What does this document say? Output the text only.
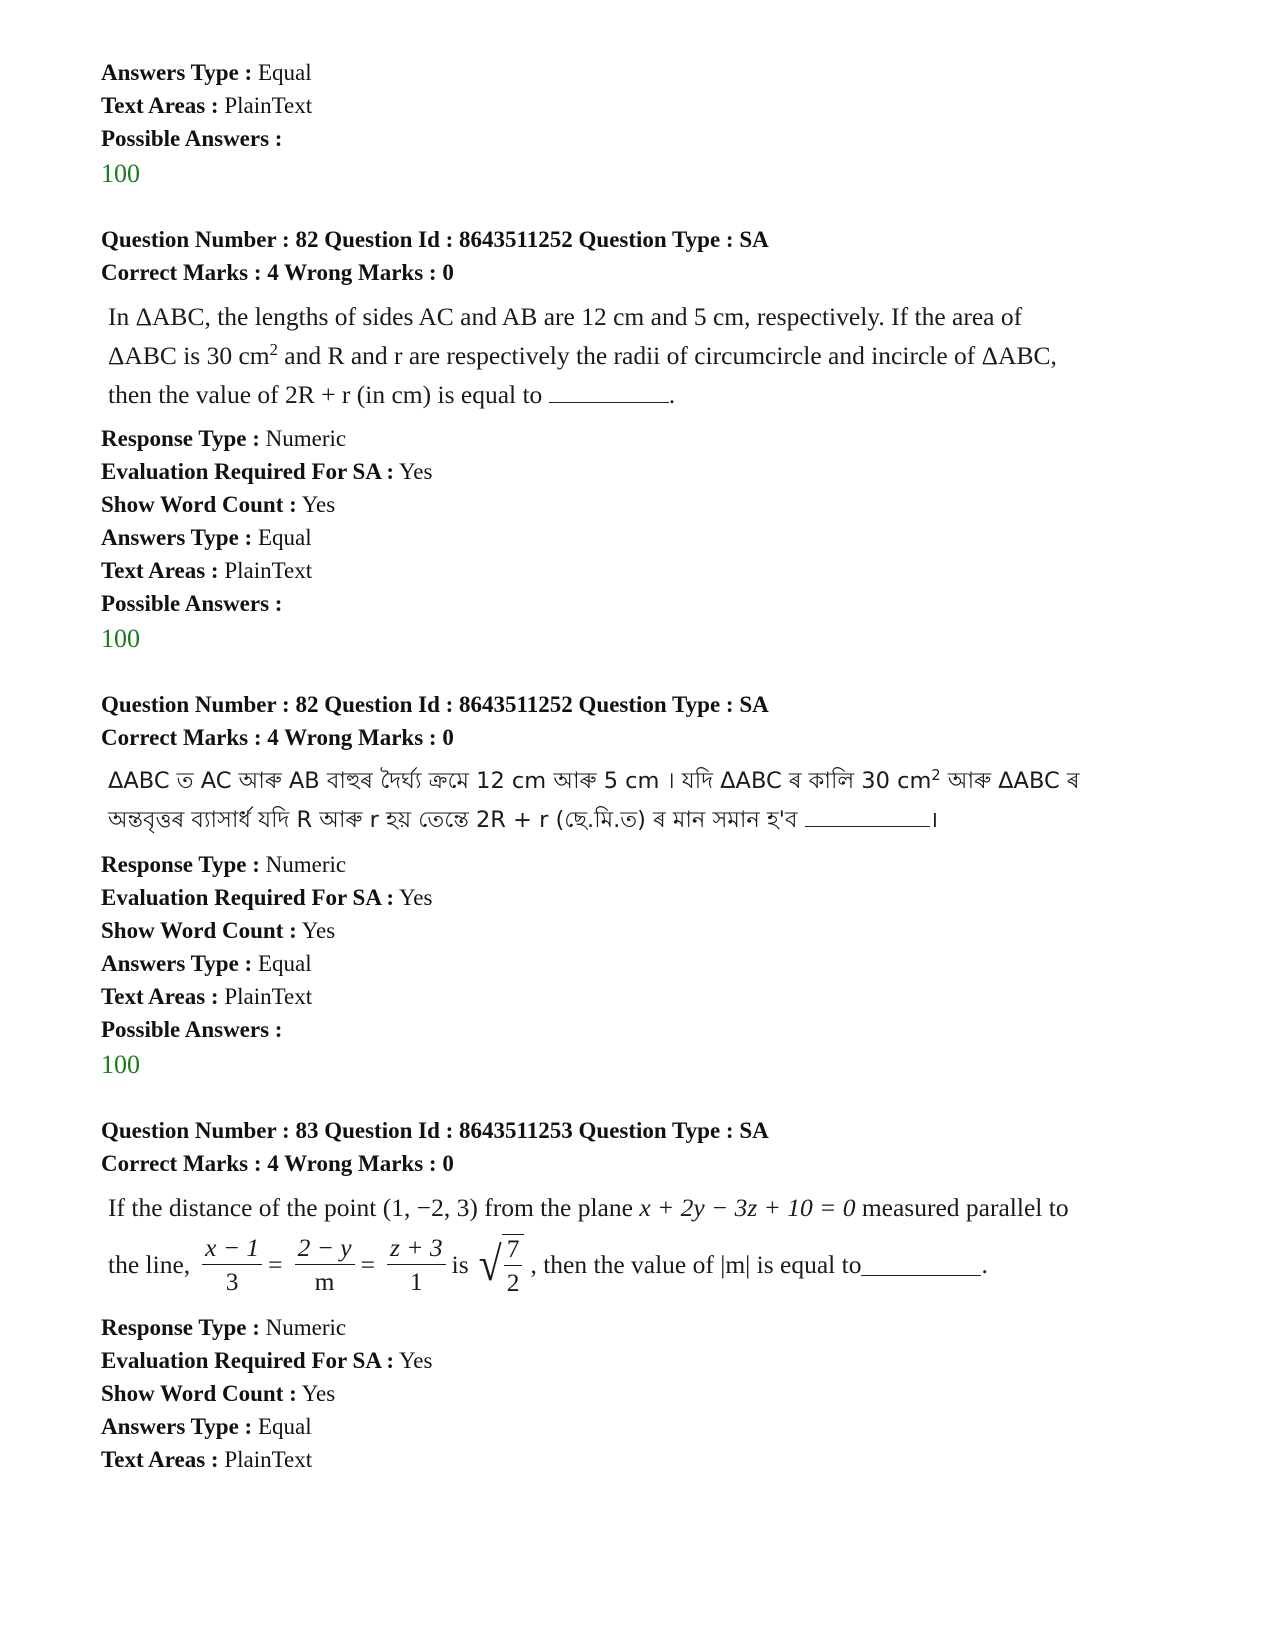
Answers Type : Equal
Text Areas : PlainText
Possible Answers :
100
Question Number : 82 Question Id : 8643511252 Question Type : SA
Correct Marks : 4 Wrong Marks : 0
In ΔABC, the lengths of sides AC and AB are 12 cm and 5 cm, respectively. If the area of
ΔABC is 30 $cm^2$ and R and r are respectively the radii of circumcircle and incircle of ΔABC,
then the value of 2R + r (in cm) is equal to	.
Response Type : Numeric
Evaluation Required For SA : Yes
Show Word Count : Yes
Answers Type : Equal
Text Areas : PlainText
Possible Answers :
100
Question Number : 82 Question Id : 8643511252 Question Type : SA
Correct Marks : 4 Wrong Marks : 0
ΔABC ত AC আৰু AB বাহুৰ দৈৰ্ঘ্য ক্ৰমে 12 cm আৰু 5 cm । যদি ΔABC ৰ কালি 30 $cm^2$ আৰু ΔABC ৰ
অন্তবৃত্তৰ ব্যাসাৰ্ধ যদি R আৰু r হয় তেন্তে 2R + r (ছে.মি.ত) ৰ মান সমান হ'ব	।
Response Type : Numeric
Evaluation Required For SA : Yes
Show Word Count : Yes
Answers Type : Equal
Text Areas : PlainText
Possible Answers :
100
Question Number : 83 Question Id : 8643511253 Question Type : SA
Correct Marks : 4 Wrong Marks : 0
If the distance of the point (1, −2, 3) from the plane x + 2y − 3z + 10 = 0 measured parallel to
the line, $\frac{x - 1}{3} = \frac{2 - y}{m} = \frac{z + 3}{1}$ is √ $\frac{7}{2}$ , then the value of |m| is equal to	.
Response Type : Numeric
Evaluation Required For SA : Yes
Show Word Count : Yes
Answers Type : Equal
Text Areas : PlainText
